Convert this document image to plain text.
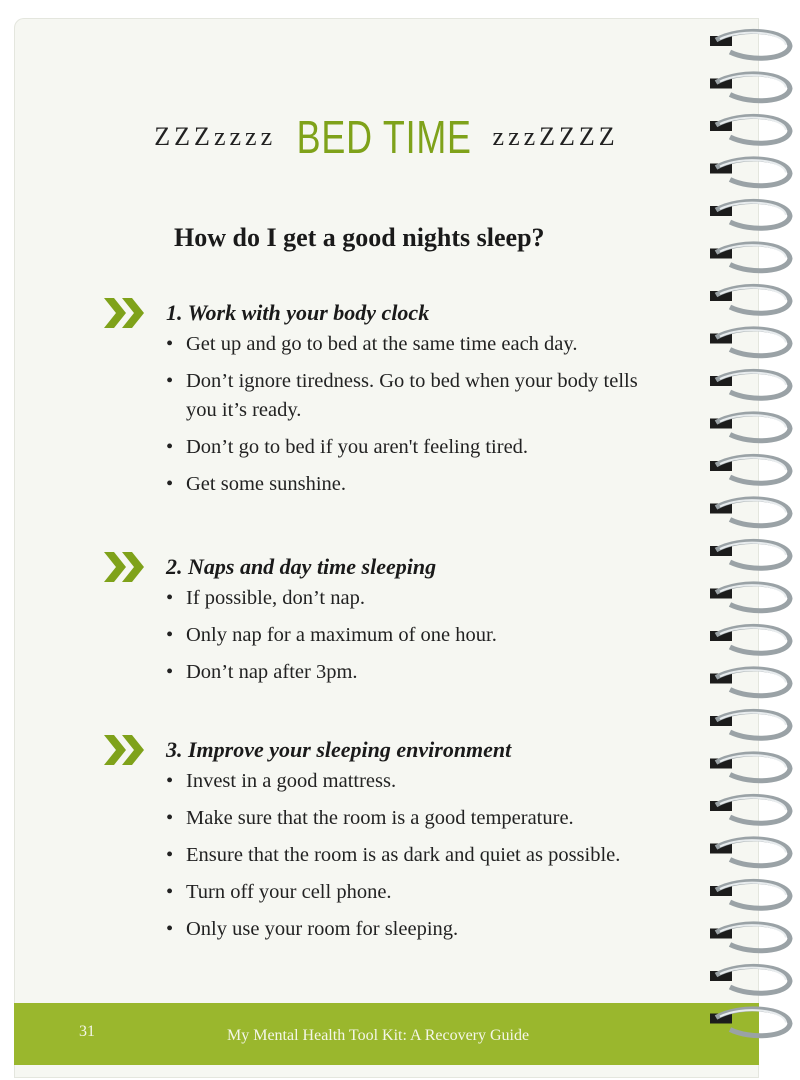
ZZZzzzz BED TIME zzzZZZZ
How do I get a good nights sleep?
1. Work with your body clock
• Get up and go to bed at the same time each day.
• Don’t ignore tiredness. Go to bed when your body tells you it’s ready.
• Don’t go to bed if you aren't feeling tired.
• Get some sunshine.
2. Naps and day time sleeping
• If possible, don’t nap.
• Only nap for a maximum of one hour.
• Don’t nap after 3pm.
3. Improve your sleeping environment
• Invest in a good mattress.
• Make sure that the room is a good temperature.
• Ensure that the room is as dark and quiet as possible.
• Turn off your cell phone.
• Only use your room for sleeping.
31	My Mental Health Tool Kit: A Recovery Guide
